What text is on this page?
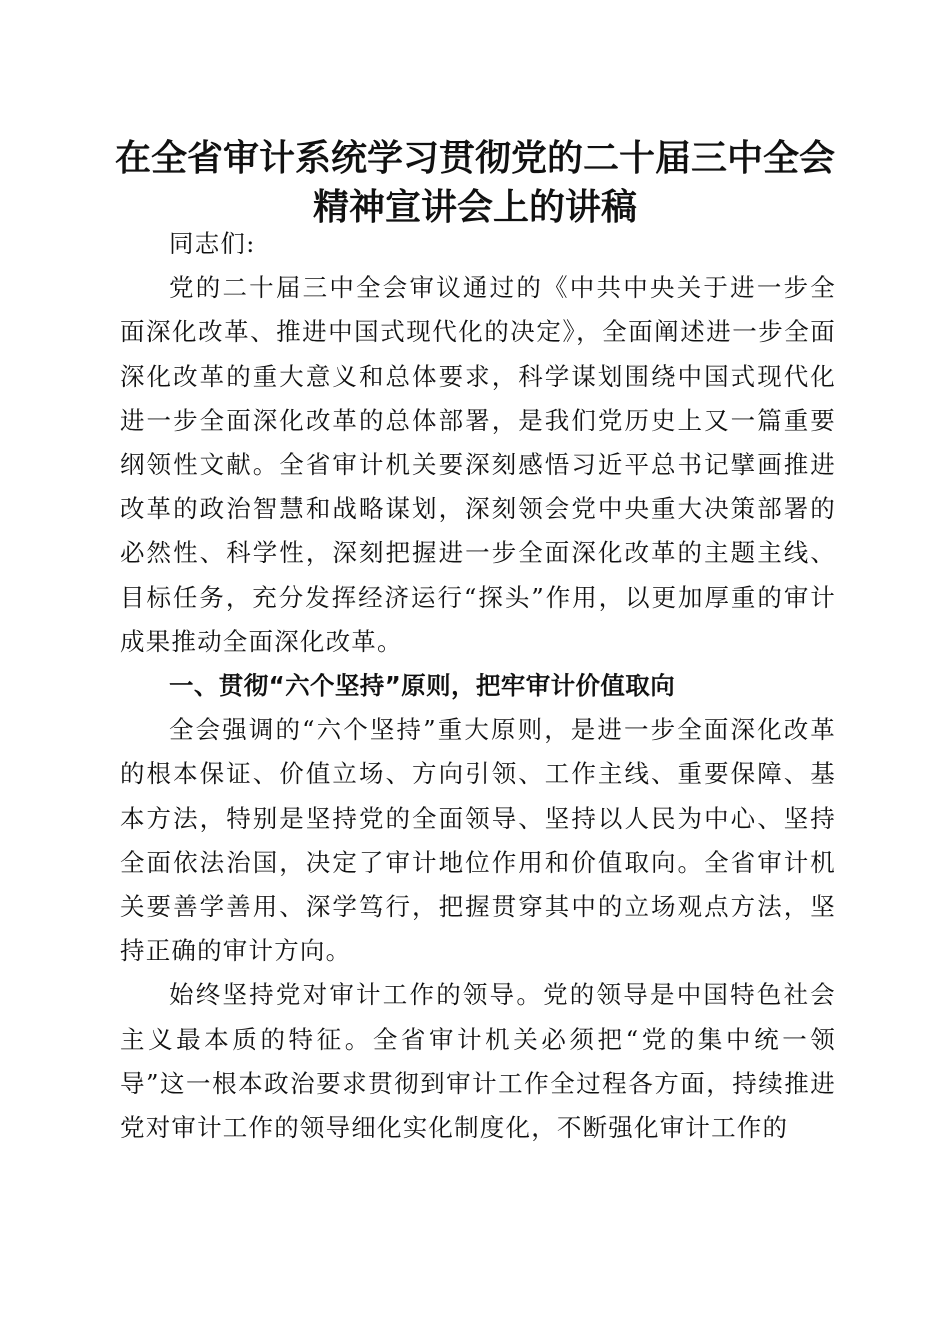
在全省审计系统学习贯彻党的二十届三中全会
精神宣讲会上的讲稿

同志们:

党的二十届三中全会审议通过的《中共中央关于进一步全面深化改革、推进中国式现代化的决定》，全面阐述进一步全面深化改革的重大意义和总体要求，科学谋划围绕中国式现代化进一步全面深化改革的总体部署，是我们党历史上又一篇重要纲领性文献。全省审计机关要深刻感悟习近平总书记擘画推进改革的政治智慧和战略谋划，深刻领会党中央重大决策部署的必然性、科学性，深刻把握进一步全面深化改革的主题主线、目标任务，充分发挥经济运行“探头”作用，以更加厚重的审计成果推动全面深化改革。

一、贯彻“六个坚持”原则，把牢审计价值取向

全会强调的“六个坚持”重大原则，是进一步全面深化改革的根本保证、价值立场、方向引领、工作主线、重要保障、基本方法，特别是坚持党的全面领导、坚持以人民为中心、坚持全面依法治国，决定了审计地位作用和价值取向。全省审计机关要善学善用、深学笃行，把握贯穿其中的立场观点方法，坚持正确的审计方向。

始终坚持党对审计工作的领导。党的领导是中国特色社会主义最本质的特征。全省审计机关必须把“党的集中统一领导”这一根本政治要求贯彻到审计工作全过程各方面，持续推进党对审计工作的领导细化实化制度化，不断强化审计工作的
